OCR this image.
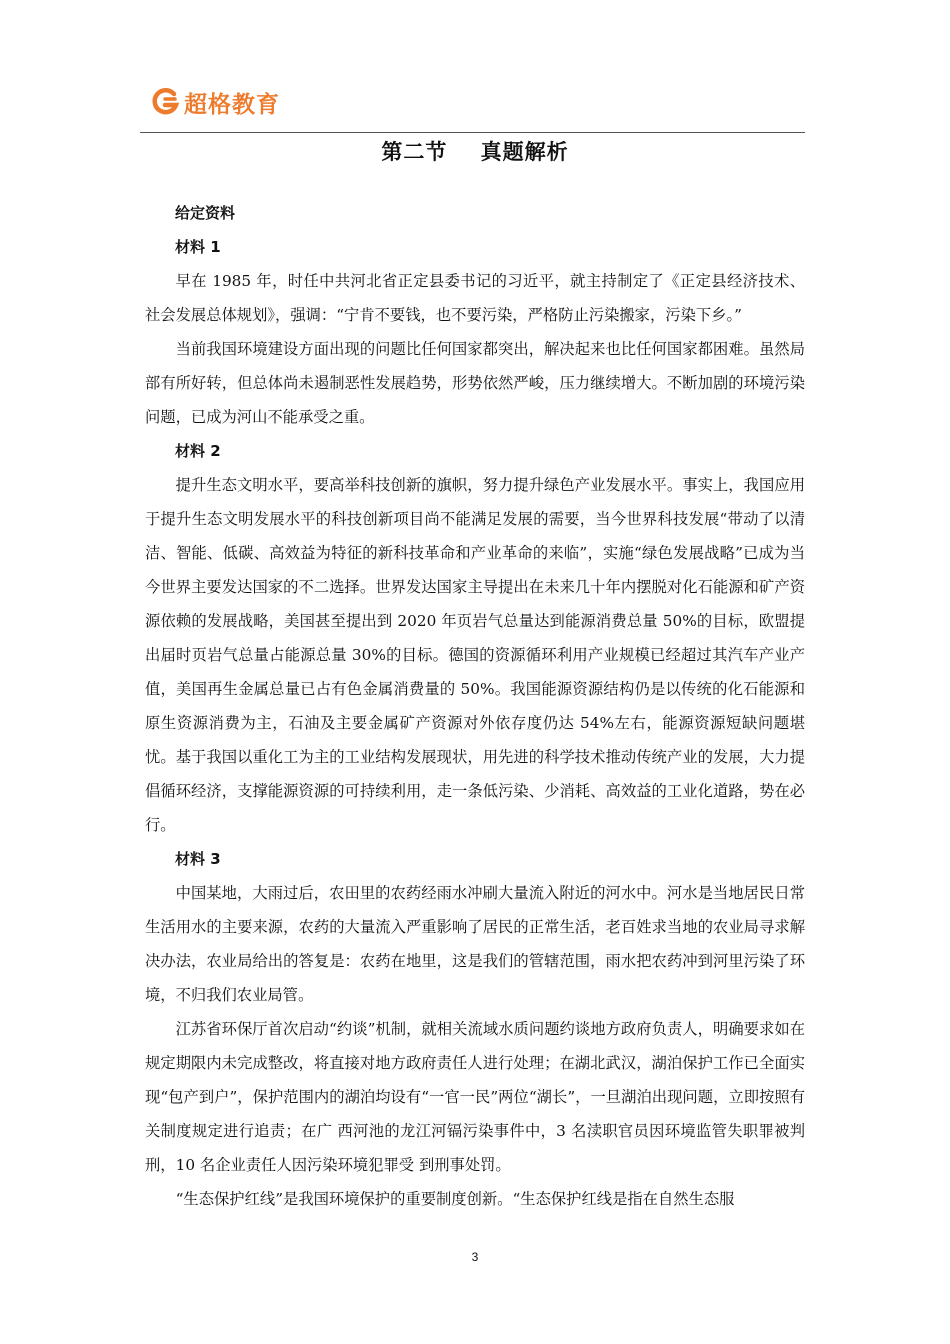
超格教育
第二节    真题解析

给定资料

材料 1

早在 1985 年，时任中共河北省正定县委书记的习近平，就主持制定了《正定县经济技术、社会发展总体规划》，强调：“宁肯不要钱，也不要污染，严格防止污染搬家，污染下乡。”

当前我国环境建设方面出现的问题比任何国家都突出，解决起来也比任何国家都困难。虽然局部有所好转，但总体尚未遏制恶性发展趋势，形势依然严峻，压力继续增大。不断加剧的环境污染问题，已成为河山不能承受之重。

材料 2

提升生态文明水平，要高举科技创新的旗帜，努力提升绿色产业发展水平。事实上，我国应用于提升生态文明发展水平的科技创新项目尚不能满足发展的需要，当今世界科技发展“带动了以清洁、智能、低碳、高效益为特征的新科技革命和产业革命的来临”，实施“绿色发展战略”已成为当今世界主要发达国家的不二选择。世界发达国家主导提出在未来几十年内摆脱对化石能源和矿产资源依赖的发展战略，美国甚至提出到 2020 年页岩气总量达到能源消费总量 50%的目标，欧盟提出届时页岩气总量占能源总量 30%的目标。德国的资源循环利用产业规模已经超过其汽车产业产值，美国再生金属总量已占有色金属消费量的 50%。我国能源资源结构仍是以传统的化石能源和原生资源消费为主，石油及主要金属矿产资源对外依存度仍达 54%左右，能源资源短缺问题堪忧。基于我国以重化工为主的工业结构发展现状，用先进的科学技术推动传统产业的发展，大力提倡循环经济，支撑能源资源的可持续利用，走一条低污染、少消耗、高效益的工业化道路，势在必行。

材料 3

中国某地，大雨过后，农田里的农药经雨水冲刷大量流入附近的河水中。河水是当地居民日常生活用水的主要来源，农药的大量流入严重影响了居民的正常生活，老百姓求当地的农业局寻求解决办法，农业局给出的答复是：农药在地里，这是我们的管辖范围，雨水把农药冲到河里污染了环境，不归我们农业局管。

江苏省环保厅首次启动“约谈”机制，就相关流域水质问题约谈地方政府负责人，明确要求如在规定期限内未完成整改，将直接对地方政府责任人进行处理；在湖北武汉，湖泊保护工作已全面实现“包产到户”，保护范围内的湖泊均设有“一官一民”两位“湖长”，一旦湖泊出现问题，立即按照有关制度规定进行追责；在广 西河池的龙江河镉污染事件中，3 名渎职官员因环境监管失职罪被判刑，10 名企业责任人因污染环境犯罪受 到刑事处罚。

“生态保护红线”是我国环境保护的重要制度创新。“生态保护红线是指在自然生态服

3
